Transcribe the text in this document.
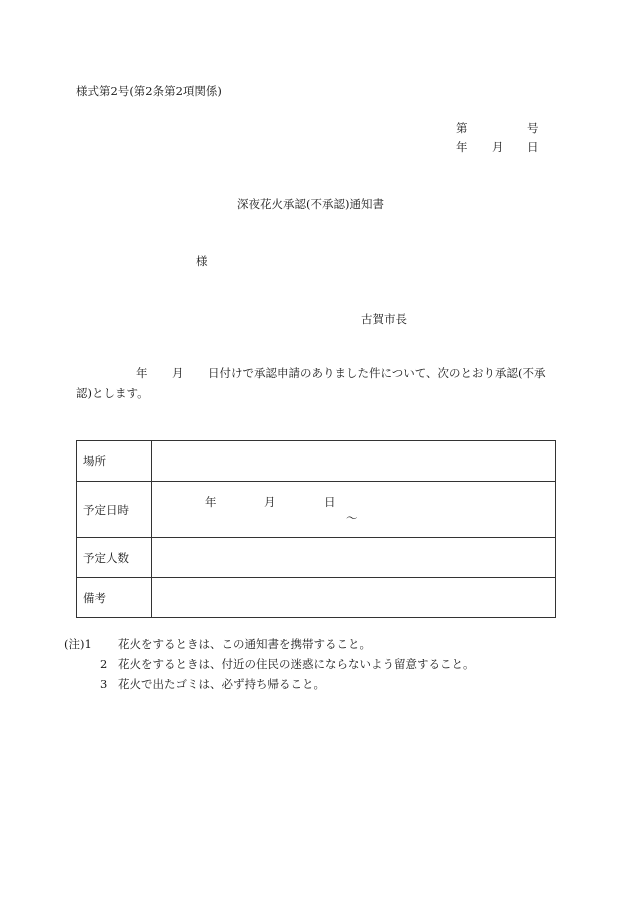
様式第2号(第2条第2項関係)
第	号
年 月 日
深夜花火承認(不承認)通知書
様
古賀市長
年 月 日付けで承認申請のありました件について、次のとおり承認(不承
認)とします。
場所	
予定日時	年 月 日
〜

予定人数	
備考	
(注)1 花火をするときは、この通知書を携帯すること。
2 花火をするときは、付近の住民の迷惑にならないよう留意すること。
3 花火で出たゴミは、必ず持ち帰ること。
